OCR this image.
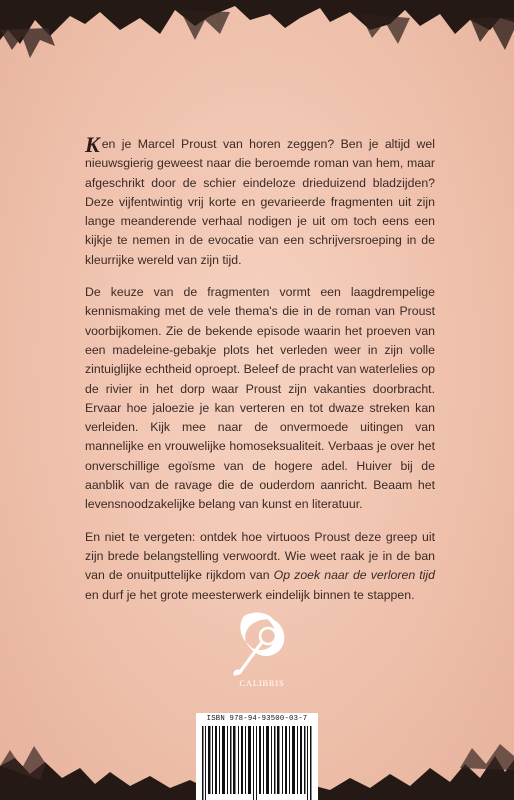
Ken je Marcel Proust van horen zeggen? Ben je altijd wel nieuwsgierig geweest naar die beroemde roman van hem, maar afgeschrikt door de schier eindeloze drieduizend bladzijden? Deze vijfentwintig vrij korte en gevarieerde fragmenten uit zijn lange meanderende verhaal nodigen je uit om toch eens een kijkje te nemen in de evocatie van een schrijversroeping in de kleurrijke wereld van zijn tijd.

De keuze van de fragmenten vormt een laagdrempelige kennismaking met de vele thema's die in de roman van Proust voorbijkomen. Zie de bekende episode waarin het proeven van een madeleine-gebakje plots het verleden weer in zijn volle zintuiglijke echtheid oproept. Beleef de pracht van waterlelies op de rivier in het dorp waar Proust zijn vakanties doorbracht. Ervaar hoe jaloezie je kan verteren en tot dwaze streken kan verleiden. Kijk mee naar de onvermoede uitingen van mannelijke en vrouwelijke homoseksualiteit. Verbaas je over het onverschillige egoïsme van de hogere adel. Huiver bij de aanblik van de ravage die de ouderdom aanricht. Beaam het levensnoodzakelijke belang van kunst en literatuur.

En niet te vergeten: ontdek hoe virtuoos Proust deze greep uit zijn brede belangstelling verwoordt. Wie weet raak je in de ban van de onuitputtelijke rijkdom van Op zoek naar de verloren tijd en durf je het grote meesterwerk eindelijk binnen te stappen.

CALIBRIS
ISBN 978-94-93500-03-7
